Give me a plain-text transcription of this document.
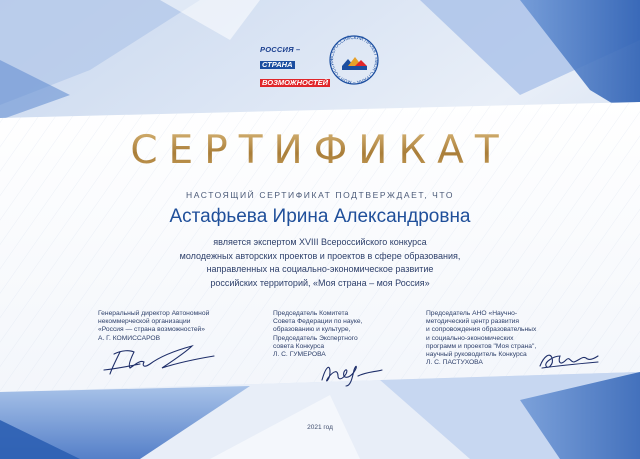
РОССИЯ –
СТРАНА
ВОЗМОЖНОСТЕЙ
ВСЕРОССИЙСКИЙ ПРОЕКТ «МОЯ СТРАНА – МОЯ РОССИЯ
СЕРТИФИКАТ
НАСТОЯЩИЙ СЕРТИФИКАТ ПОДТВЕРЖДАЕТ, ЧТО
Астафьева Ирина Александровна
является экспертом XVIII Всероссийского конкурса
молодежных авторских проектов и проектов в сфере образования,
направленных на социально-экономическое развитие
российских территорий, «Моя страна – моя Россия»
Генеральный директор Автономной
некоммерческой организации
«Россия — страна возможностей»
А. Г. КОМИССАРОВ
Председатель Комитета
Совета Федерации по науке,
образованию и культуре,
Председатель Экспертного
совета Конкурса
Л. С. ГУМЕРОВА
Председатель АНО «Научно-
методический центр развития
и сопровождения образовательных
и социально-экономических
программ и проектов "Моя страна",
научный руководитель Конкурса
Л. С. ПАСТУХОВА
2021 год
